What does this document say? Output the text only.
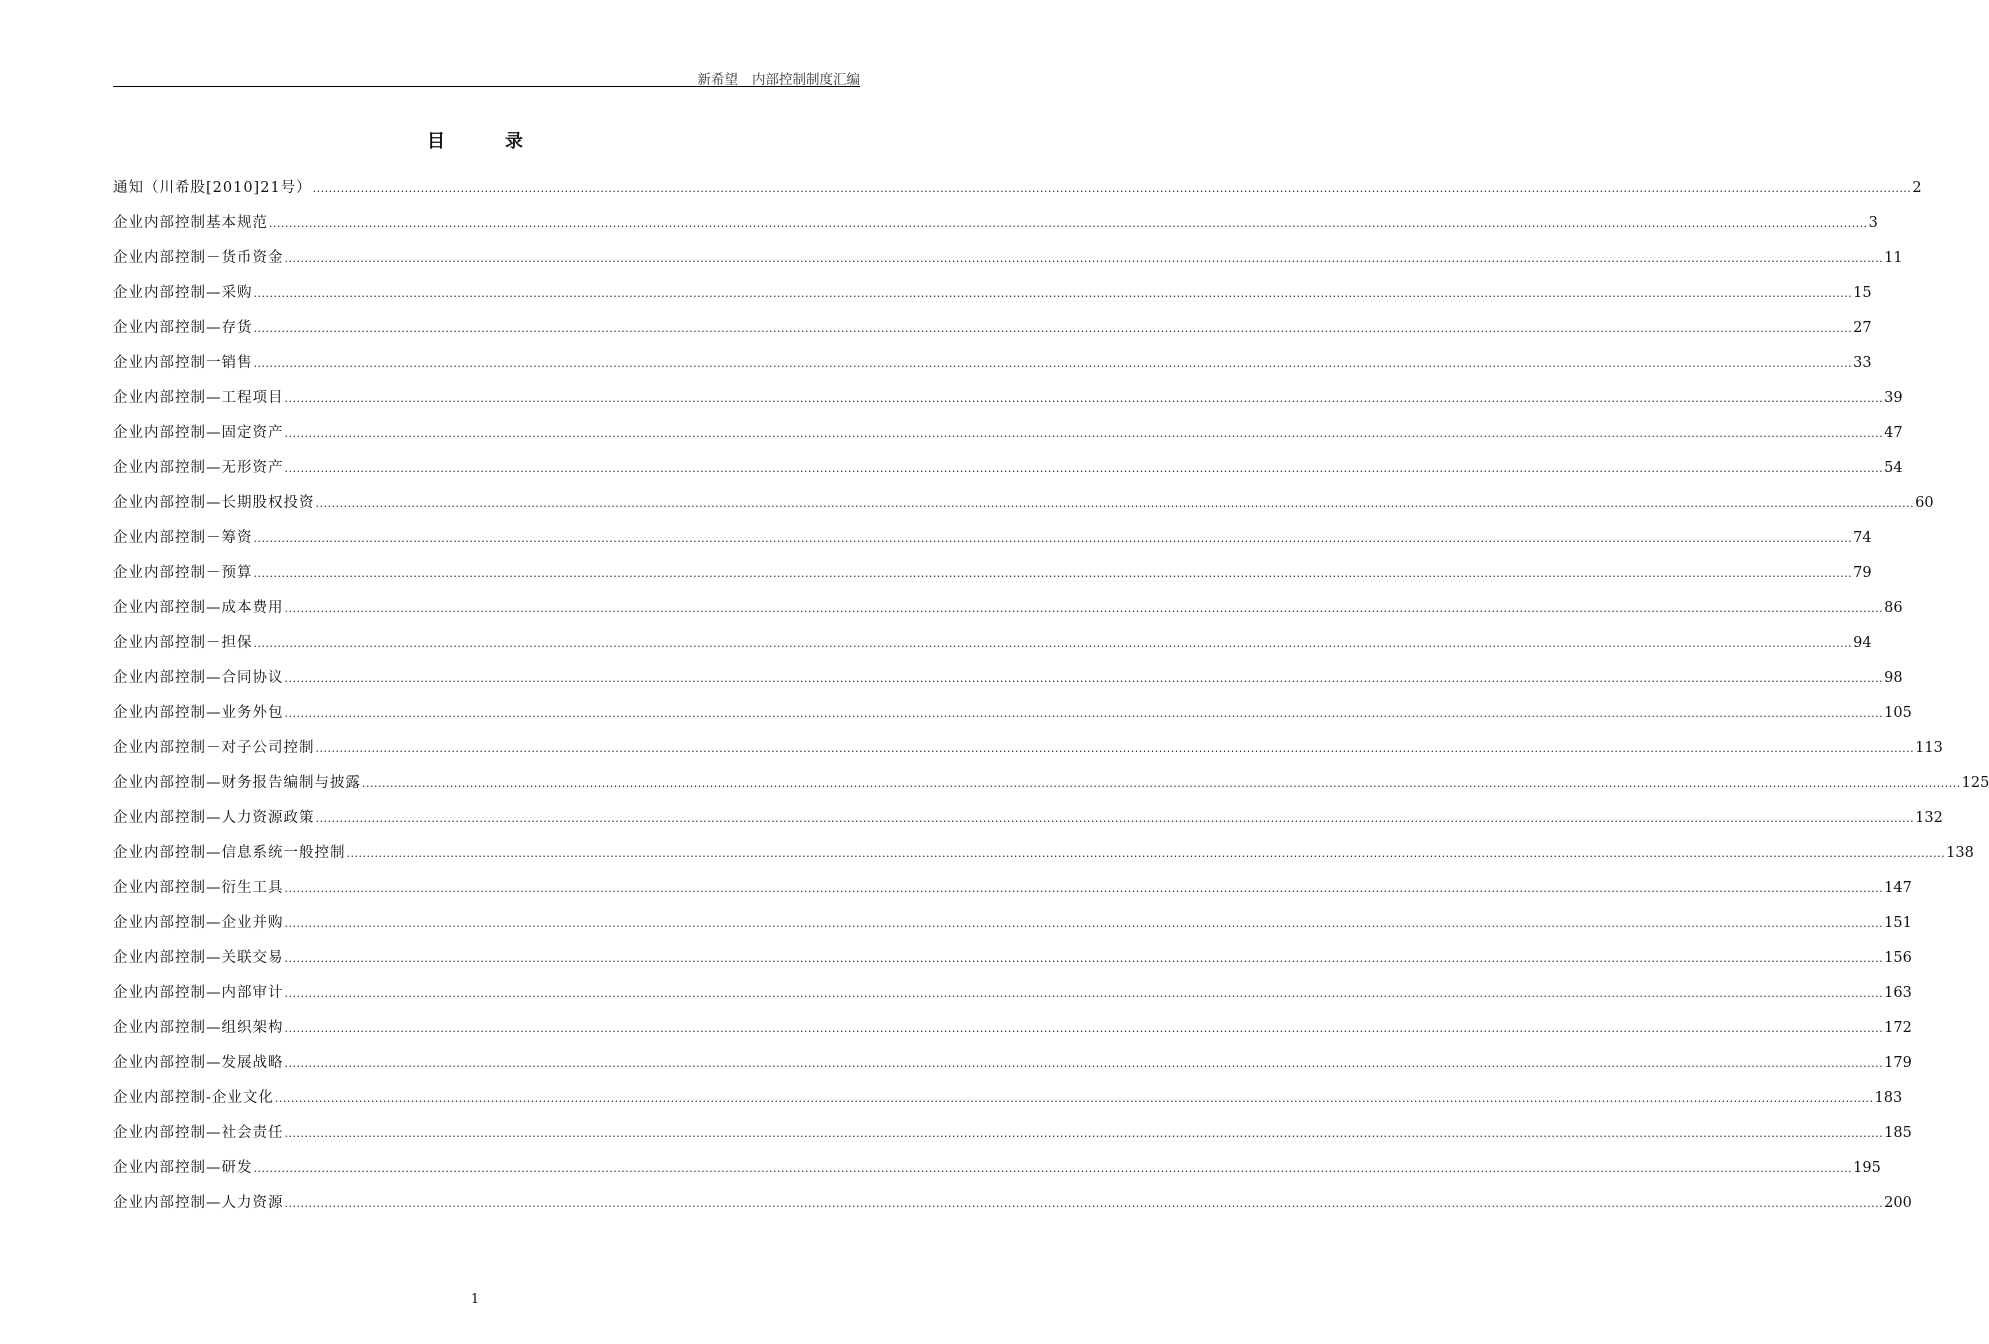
新希望 内部控制制度汇编
目	录
通知（川希股[2010]21号） ................................................................................................................................................................................................................................................................................................................................................................................................................ 2
企业内部控制基本规范 ................................................................................................................................................................................................................................................................................................................................................................................................................ 3
企业内部控制－货币资金 ................................................................................................................................................................................................................................................................................................................................................................................................................ 11
企业内部控制—采购 ................................................................................................................................................................................................................................................................................................................................................................................................................ 15
企业内部控制—存货 ................................................................................................................................................................................................................................................................................................................................................................................................................ 27
企业内部控制一销售 ................................................................................................................................................................................................................................................................................................................................................................................................................ 33
企业内部控制—工程项目 ................................................................................................................................................................................................................................................................................................................................................................................................................ 39
企业内部控制—固定资产 ................................................................................................................................................................................................................................................................................................................................................................................................................ 47
企业内部控制—无形资产 ................................................................................................................................................................................................................................................................................................................................................................................................................ 54
企业内部控制—长期股权投资 ................................................................................................................................................................................................................................................................................................................................................................................................................ 60
企业内部控制－筹资 ................................................................................................................................................................................................................................................................................................................................................................................................................ 74
企业内部控制－预算 ................................................................................................................................................................................................................................................................................................................................................................................................................ 79
企业内部控制—成本费用 ................................................................................................................................................................................................................................................................................................................................................................................................................ 86
企业内部控制－担保 ................................................................................................................................................................................................................................................................................................................................................................................................................ 94
企业内部控制—合同协议 ................................................................................................................................................................................................................................................................................................................................................................................................................ 98
企业内部控制—业务外包 ................................................................................................................................................................................................................................................................................................................................................................................................................ 105
企业内部控制－对子公司控制 ................................................................................................................................................................................................................................................................................................................................................................................................................ 113
企业内部控制—财务报告编制与披露 ................................................................................................................................................................................................................................................................................................................................................................................................................ 125
企业内部控制—人力资源政策 ................................................................................................................................................................................................................................................................................................................................................................................................................ 132
企业内部控制—信息系统一般控制 ................................................................................................................................................................................................................................................................................................................................................................................................................ 138
企业内部控制—衍生工具 ................................................................................................................................................................................................................................................................................................................................................................................................................ 147
企业内部控制—企业并购 ................................................................................................................................................................................................................................................................................................................................................................................................................ 151
企业内部控制—关联交易 ................................................................................................................................................................................................................................................................................................................................................................................................................ 156
企业内部控制—内部审计 ................................................................................................................................................................................................................................................................................................................................................................................................................ 163
企业内部控制—组织架构 ................................................................................................................................................................................................................................................................................................................................................................................................................ 172
企业内部控制—发展战略 ................................................................................................................................................................................................................................................................................................................................................................................................................ 179
企业内部控制-企业文化 ................................................................................................................................................................................................................................................................................................................................................................................................................ 183
企业内部控制—社会责任 ................................................................................................................................................................................................................................................................................................................................................................................................................ 185
企业内部控制—研发 ................................................................................................................................................................................................................................................................................................................................................................................................................ 195
企业内部控制—人力资源 ................................................................................................................................................................................................................................................................................................................................................................................................................ 200
1
